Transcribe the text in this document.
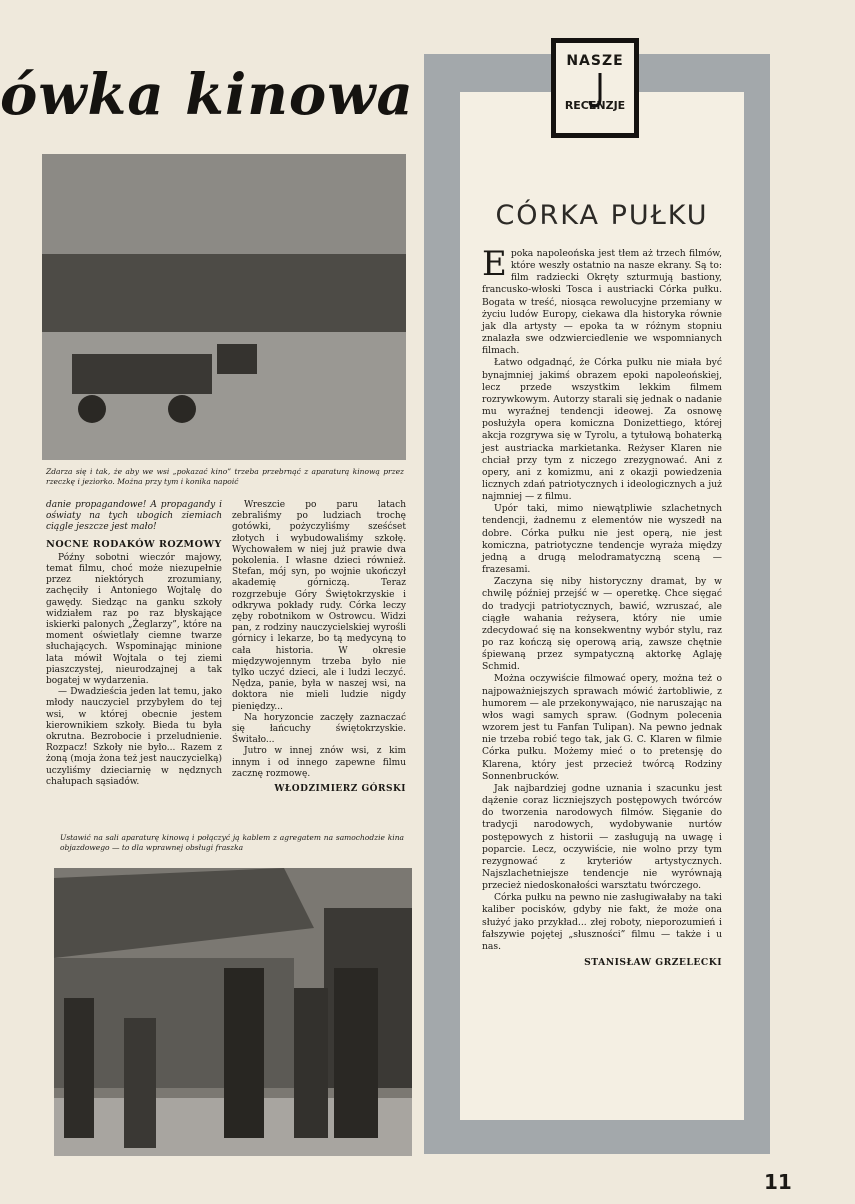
ówka kinowa

Zdarza się i tak, że aby we wsi „pokazać kino” trzeba przebrnąć z aparaturą kinową przez rzeczkę i jeziorko. Można przy tym i konika napoić

danie propagandowe! A propagandy i oświaty na tych ubogich ziemiach ciągle jeszcze jest mało!

NOCNE RODAKÓW ROZMOWY

Późny sobotni wieczór majowy, temat filmu, choć może niezupełnie przez niektórych zrozumiany, zachęciły i Antoniego Wojtalę do gawędy. Siedząc na ganku szkoły widziałem raz po raz błyskające iskierki palonych „Żeglarzy”, które na moment oświetlały ciemne twarze słuchających. Wspominając minione lata mówił Wojtala o tej ziemi piaszczystej, nieurodzajnej a tak bogatej w wydarzenia.

— Dwadzieścia jeden lat temu, jako młody nauczyciel przybyłem do tej wsi, w której obecnie jestem kierownikiem szkoły. Bieda tu była okrutna. Bezrobocie i przeludnienie. Rozpacz! Szkoły nie było... Razem z żoną (moja żona też jest nauczycielką) uczyliśmy dzieciarnię w nędznych chałupach sąsiadów.

Wreszcie po paru latach zebraliśmy po ludziach trochę gotówki, pożyczyliśmy sześćset złotych i wybudowaliśmy szkołę. Wychowałem w niej już prawie dwa pokolenia. I własne dzieci również. Stefan, mój syn, po wojnie ukończył akademię górniczą. Teraz rozgrzebuje Góry Świętokrzyskie i odkrywa pokłady rudy. Córka leczy zęby robotnikom w Ostrowcu. Widzi pan, z rodziny nauczycielskiej wyrośli górnicy i lekarze, bo tą medycyną to cała historia. W okresie międzywojennym trzeba było nie tylko uczyć dzieci, ale i ludzi leczyć. Nędza, panie, była w naszej wsi, na doktora nie mieli ludzie nigdy pieniędzy...

Na horyzoncie zaczęły zaznaczać się łańcuchy świętokrzyskie. Świtało...

Jutro w innej znów wsi, z kim innym i od innego zapewne filmu zacznę rozmowę.

WŁODZIMIERZ GÓRSKI

Ustawić na sali aparaturę kinową i połączyć ją kablem z agregatem na samochodzie kina objazdowego — to dla wprawnej obsługi fraszka

NASZE
RECENZJE
CÓRKA PUŁKU

Epoka napoleońska jest tłem aż trzech filmów, które weszły ostatnio na nasze ekrany. Są to: film radziecki Okręty szturmują bastiony, francusko-włoski Tosca i austriacki Córka pułku. Bogata w treść, niosąca rewolucyjne przemiany w życiu ludów Europy, ciekawa dla historyka równie jak dla artysty — epoka ta w różnym stopniu znalazła swe odzwierciedlenie we wspomnianych filmach.

Łatwo odgadnąć, że Córka pułku nie miała być bynajmniej jakimś obrazem epoki napoleońskiej, lecz przede wszystkim lekkim filmem rozrywkowym. Autorzy starali się jednak o nadanie mu wyraźnej tendencji ideowej. Za osnowę posłużyła opera komiczna Donizettiego, której akcja rozgrywa się w Tyrolu, a tytułową bohaterką jest austriacka markietanka. Reżyser Klaren nie chciał przy tym z niczego zrezygnować. Ani z opery, ani z komizmu, ani z okazji powiedzenia licznych zdań patriotycznych i ideologicznych a już najmniej — z filmu.

Upór taki, mimo niewątpliwie szlachetnych tendencji, żadnemu z elementów nie wyszedł na dobre. Córka pułku nie jest operą, nie jest komiczna, patriotyczne tendencje wyraża między jedną a drugą melodramatyczną sceną — frazesami.

Zaczyna się niby historyczny dramat, by w chwilę później przejść w — operetkę. Chce sięgać do tradycji patriotycznych, bawić, wzruszać, ale ciągłe wahania reżysera, który nie umie zdecydować się na konsekwentny wybór stylu, raz po raz kończą się operową arią, zawsze chętnie śpiewaną przez sympatyczną aktorkę Aglaję Schmid.

Można oczywiście filmować opery, można też o najpoważniejszych sprawach mówić żartobliwie, z humorem — ale przekonywająco, nie naruszając na włos wagi samych spraw. (Godnym polecenia wzorem jest tu Fanfan Tulipan). Na pewno jednak nie trzeba robić tego tak, jak G. C. Klaren w filmie Córka pułku. Możemy mieć o to pretensję do Klarena, który jest przecież twórcą Rodziny Sonnenbrucków.

Jak najbardziej godne uznania i szacunku jest dążenie coraz liczniejszych postępowych twórców do tworzenia narodowych filmów. Sięganie do tradycji narodowych, wydobywanie nurtów postępowych z historii — zasługują na uwagę i poparcie. Lecz, oczywiście, nie wolno przy tym rezygnować z kryteriów artystycznych. Najszlachetniejsze tendencje nie wyrównają przecież niedoskonałości warsztatu twórczego.

Córka pułku na pewno nie zasługiwałaby na taki kaliber pocisków, gdyby nie fakt, że może ona służyć jako przykład... złej roboty, nieporozumień i fałszywie pojętej „słuszności” filmu — także i u nas.

STANISŁAW GRZELECKI

11
